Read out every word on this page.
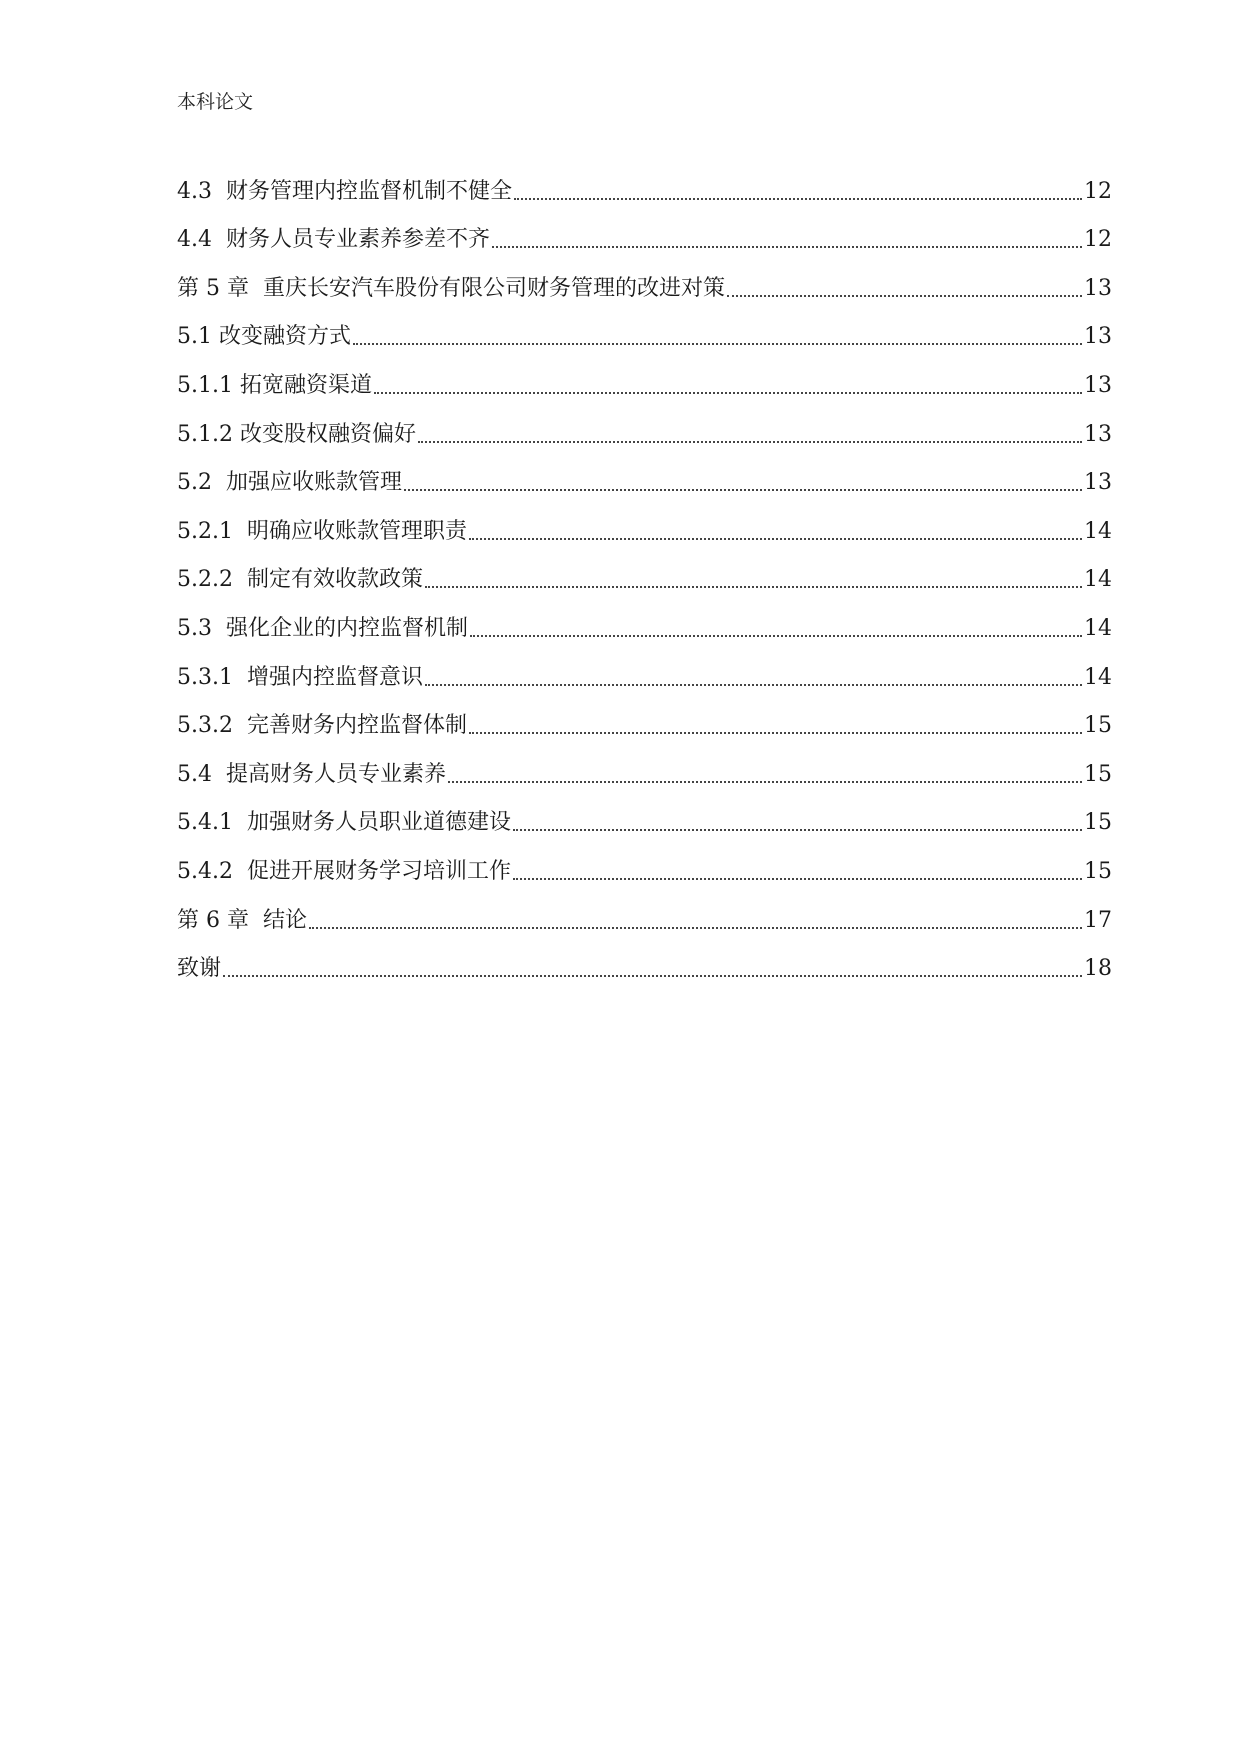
本科论文
4.3  财务管理内控监督机制不健全	12
4.4  财务人员专业素养参差不齐	12
第 5 章  重庆长安汽车股份有限公司财务管理的改进对策	13
5.1 改变融资方式	13
5.1.1 拓宽融资渠道	13
5.1.2 改变股权融资偏好	13
5.2  加强应收账款管理	13
5.2.1  明确应收账款管理职责	14
5.2.2  制定有效收款政策	14
5.3  强化企业的内控监督机制	14
5.3.1  增强内控监督意识	14
5.3.2  完善财务内控监督体制	15
5.4  提高财务人员专业素养	15
5.4.1  加强财务人员职业道德建设	15
5.4.2  促进开展财务学习培训工作	15
第 6 章  结论	17
致谢	18
